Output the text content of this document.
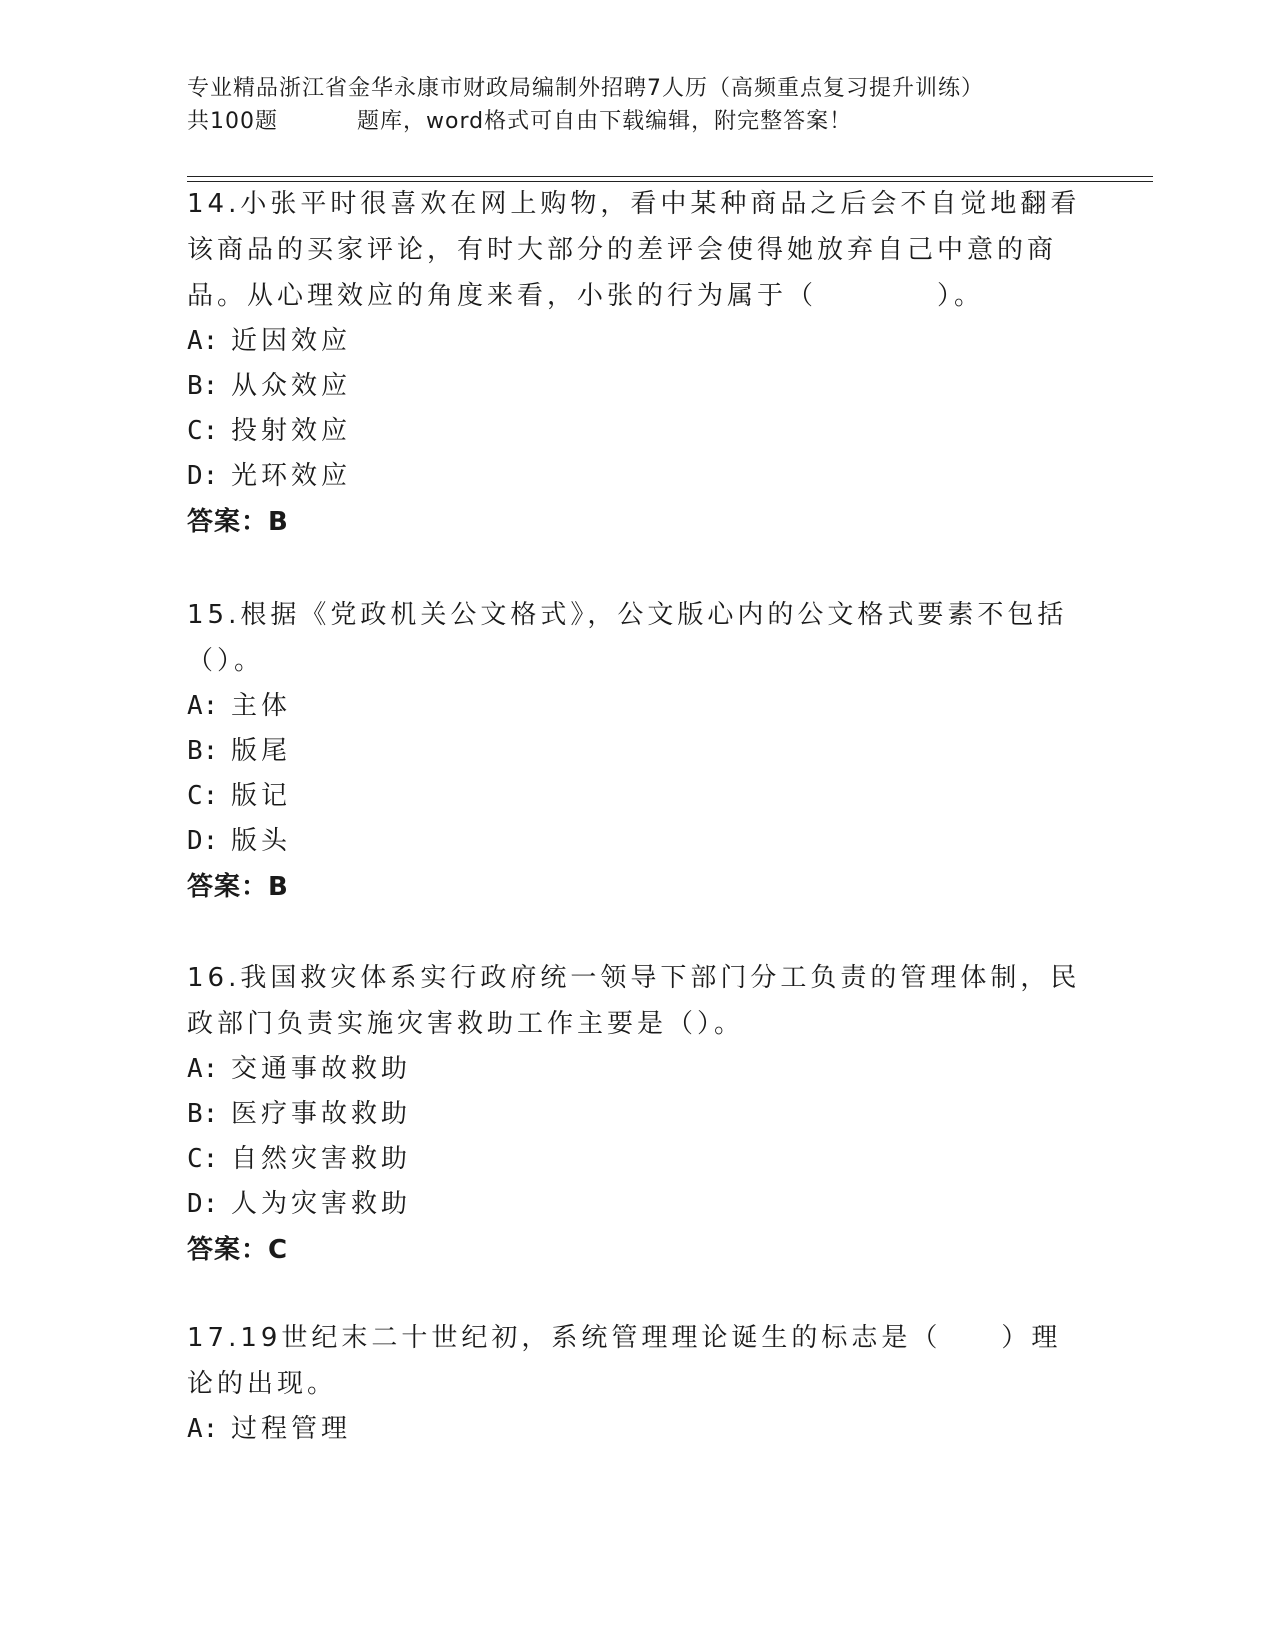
专业精品浙江省金华永康市财政局编制外招聘7人历（高频重点复习提升训练）
共100题	题库，word格式可自由下载编辑，附完整答案！

14.小张平时很喜欢在网上购物，看中某种商品之后会不自觉地翻看该商品的买家评论，有时大部分的差评会使得她放弃自己中意的商品。从心理效应的角度来看，小张的行为属于（　　　　）。

A: 近因效应
B: 从众效应
C: 投射效应
D: 光环效应
答案：B

15.根据《党政机关公文格式》，公文版心内的公文格式要素不包括（）。

A: 主体
B: 版尾
C: 版记
D: 版头
答案：B

16.我国救灾体系实行政府统一领导下部门分工负责的管理体制，民政部门负责实施灾害救助工作主要是（）。

A: 交通事故救助
B: 医疗事故救助
C: 自然灾害救助
D: 人为灾害救助
答案：C

17.19世纪末二十世纪初，系统管理理论诞生的标志是（　　）理论的出现。

A: 过程管理
